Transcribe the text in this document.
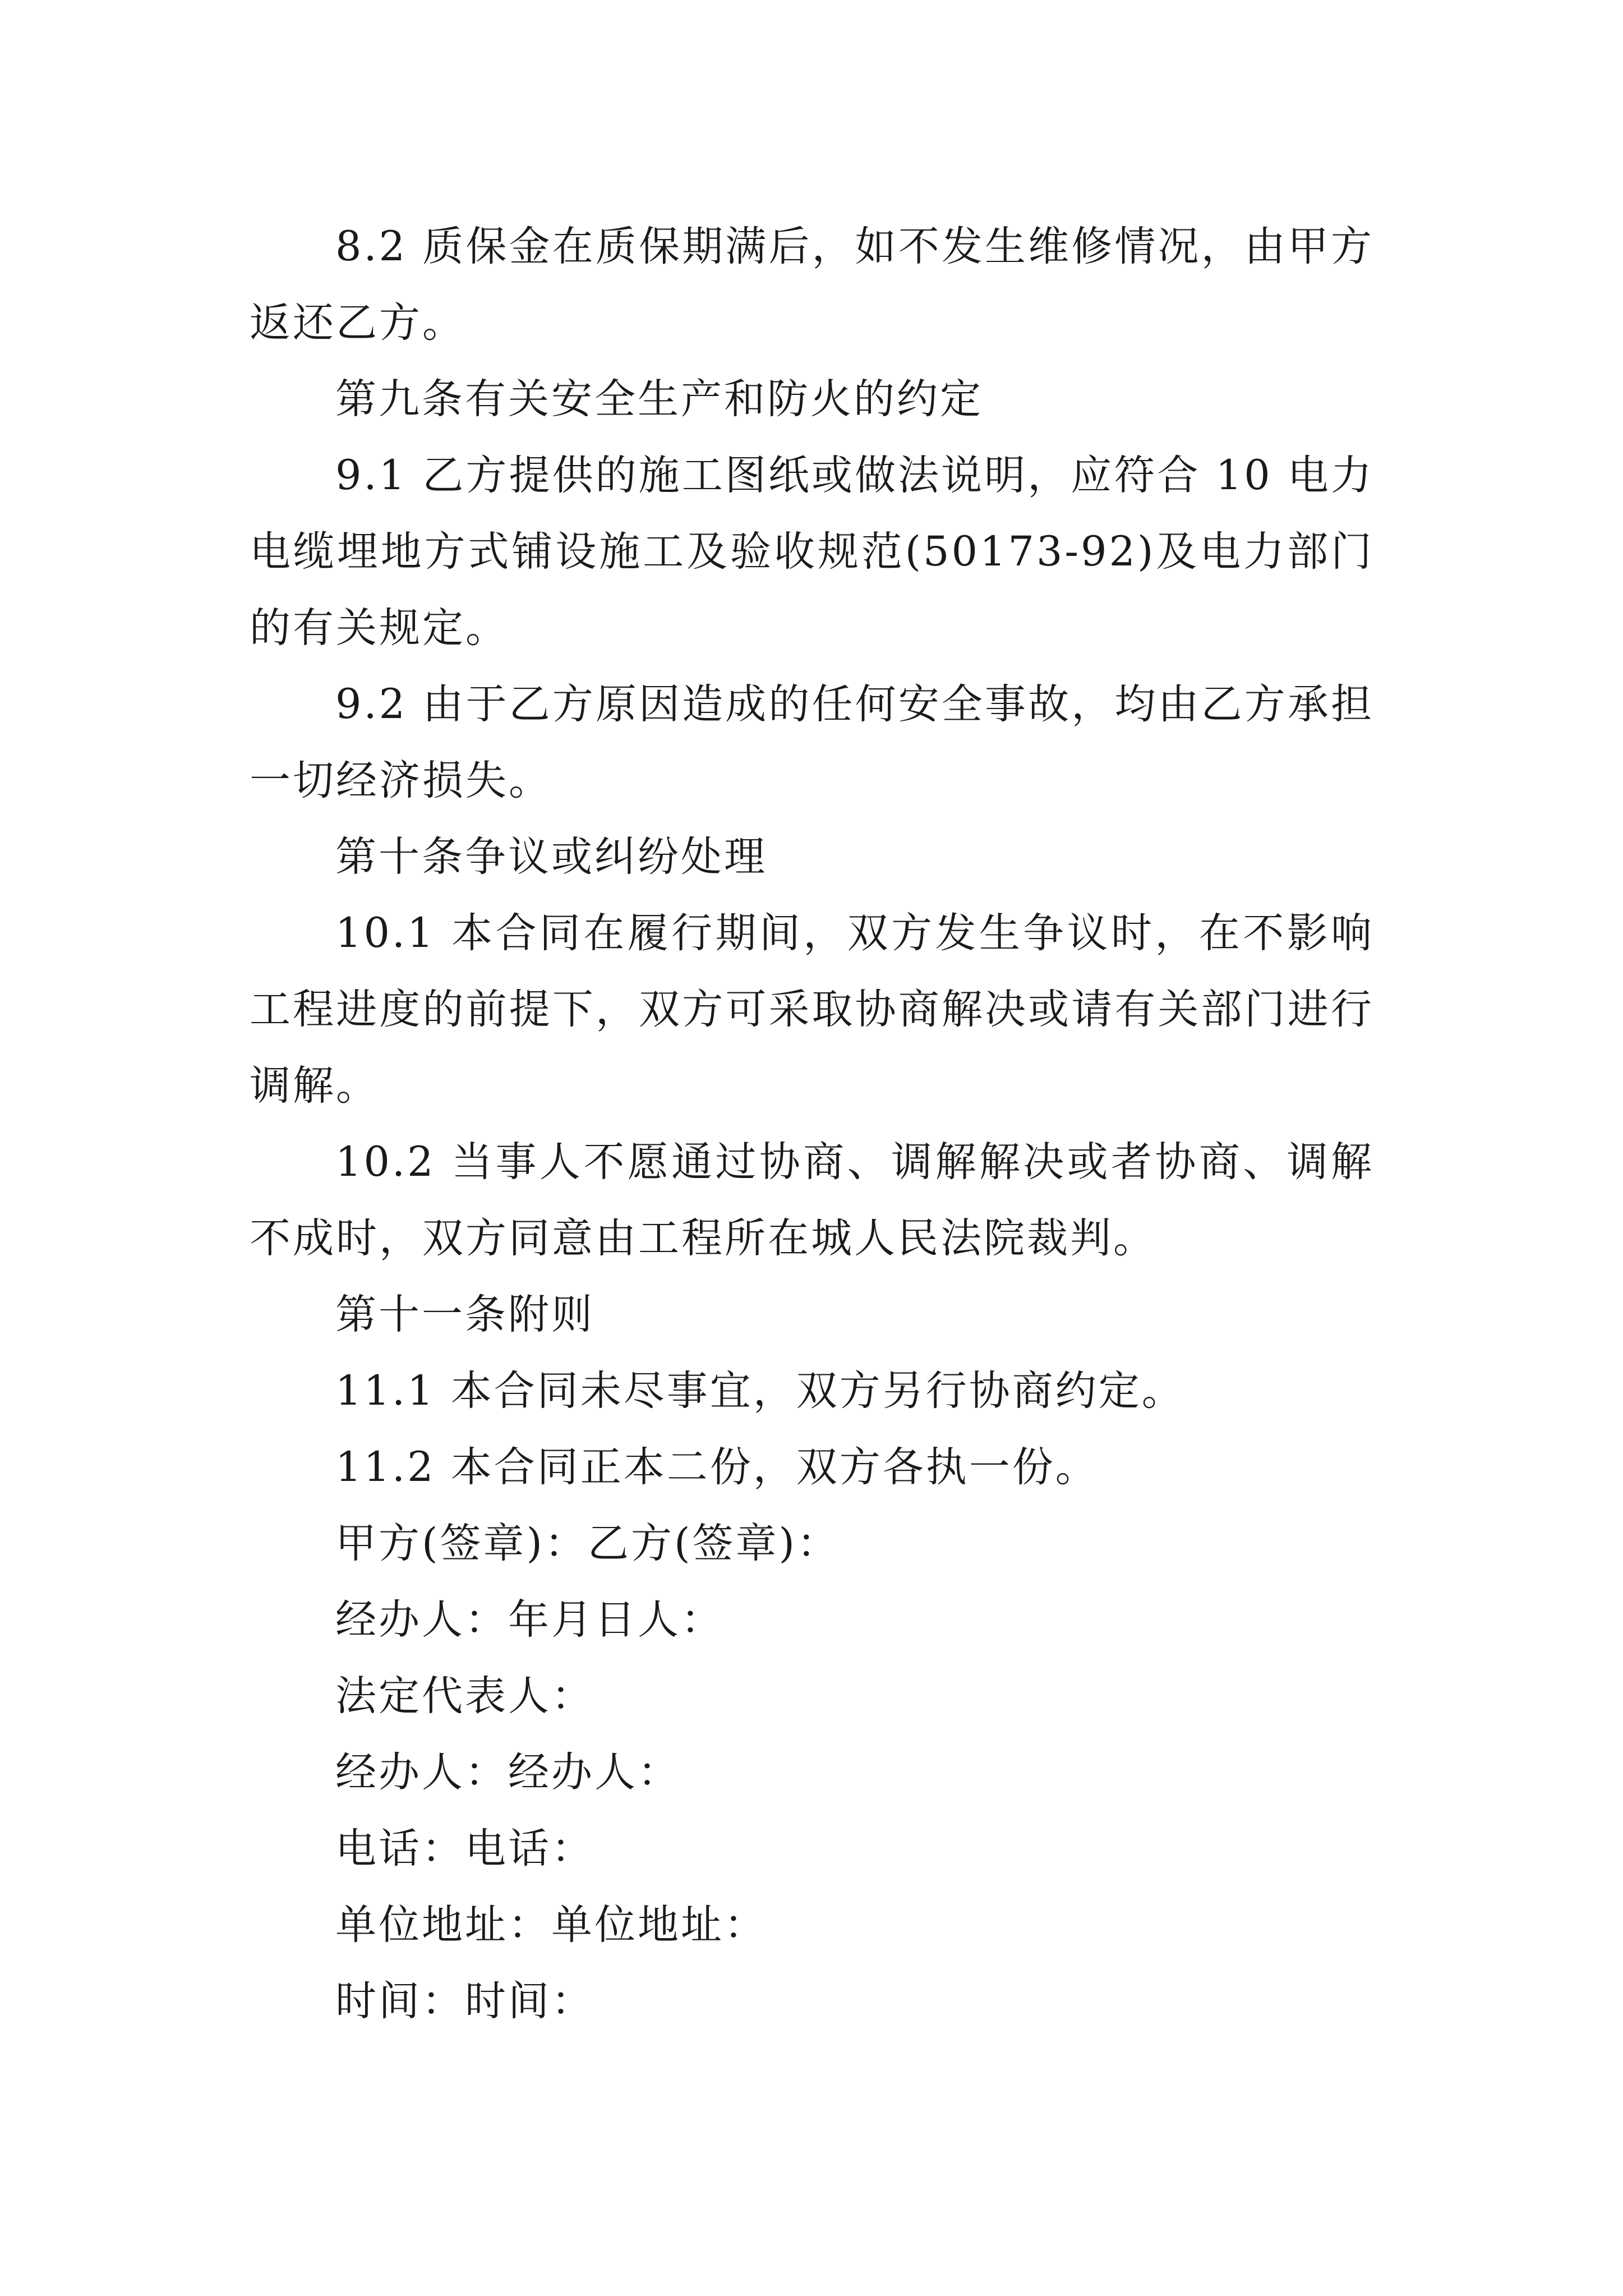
8.2 质保金在质保期满后，如不发生维修情况，由甲方返还乙方。

第九条有关安全生产和防火的约定

9.1 乙方提供的施工图纸或做法说明，应符合 10 电力电缆埋地方式铺设施工及验收规范(50173-92)及电力部门的有关规定。

9.2 由于乙方原因造成的任何安全事故，均由乙方承担一切经济损失。

第十条争议或纠纷处理

10.1 本合同在履行期间，双方发生争议时，在不影响工程进度的前提下，双方可采取协商解决或请有关部门进行调解。

10.2 当事人不愿通过协商、调解解决或者协商、调解不成时，双方同意由工程所在城人民法院裁判。

第十一条附则

11.1 本合同未尽事宜，双方另行协商约定。

11.2 本合同正本二份，双方各执一份。

甲方(签章)：乙方(签章)：

经办人：年月日人：

法定代表人：

经办人：经办人：

电话：电话：

单位地址：单位地址：

时间：时间：
